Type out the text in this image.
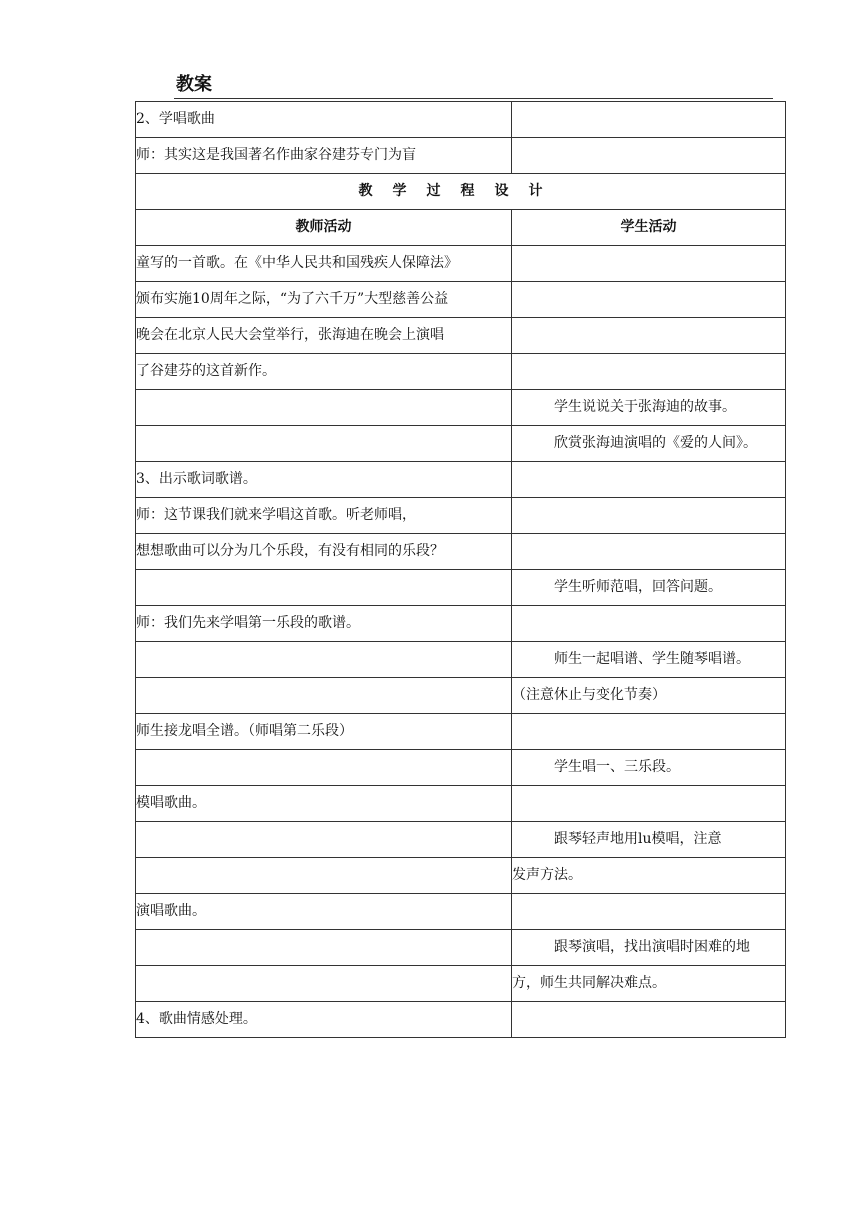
教案
2、学唱歌曲	
师：其实这是我国著名作曲家谷建芬专门为盲	
教学过程设计	
教师活动	学生活动
童写的一首歌。在《中华人民共和国残疾人保障法》	
颁布实施10周年之际，“为了六千万”大型慈善公益	
晚会在北京人民大会堂举行，张海迪在晚会上演唱	
了谷建芬的这首新作。	
	学生说说关于张海迪的故事。
	欣赏张海迪演唱的《爱的人间》。
3、出示歌词歌谱。	
师：这节课我们就来学唱这首歌。听老师唱，	
想想歌曲可以分为几个乐段，有没有相同的乐段？	
	学生听师范唱，回答问题。
师：我们先来学唱第一乐段的歌谱。	
	师生一起唱谱、学生随琴唱谱。
	（注意休止与变化节奏）
师生接龙唱全谱。（师唱第二乐段）	
	学生唱一、三乐段。
模唱歌曲。	
	跟琴轻声地用lu模唱，注意
	发声方法。
演唱歌曲。	
	跟琴演唱，找出演唱时困难的地
	方，师生共同解决难点。
4、歌曲情感处理。	
